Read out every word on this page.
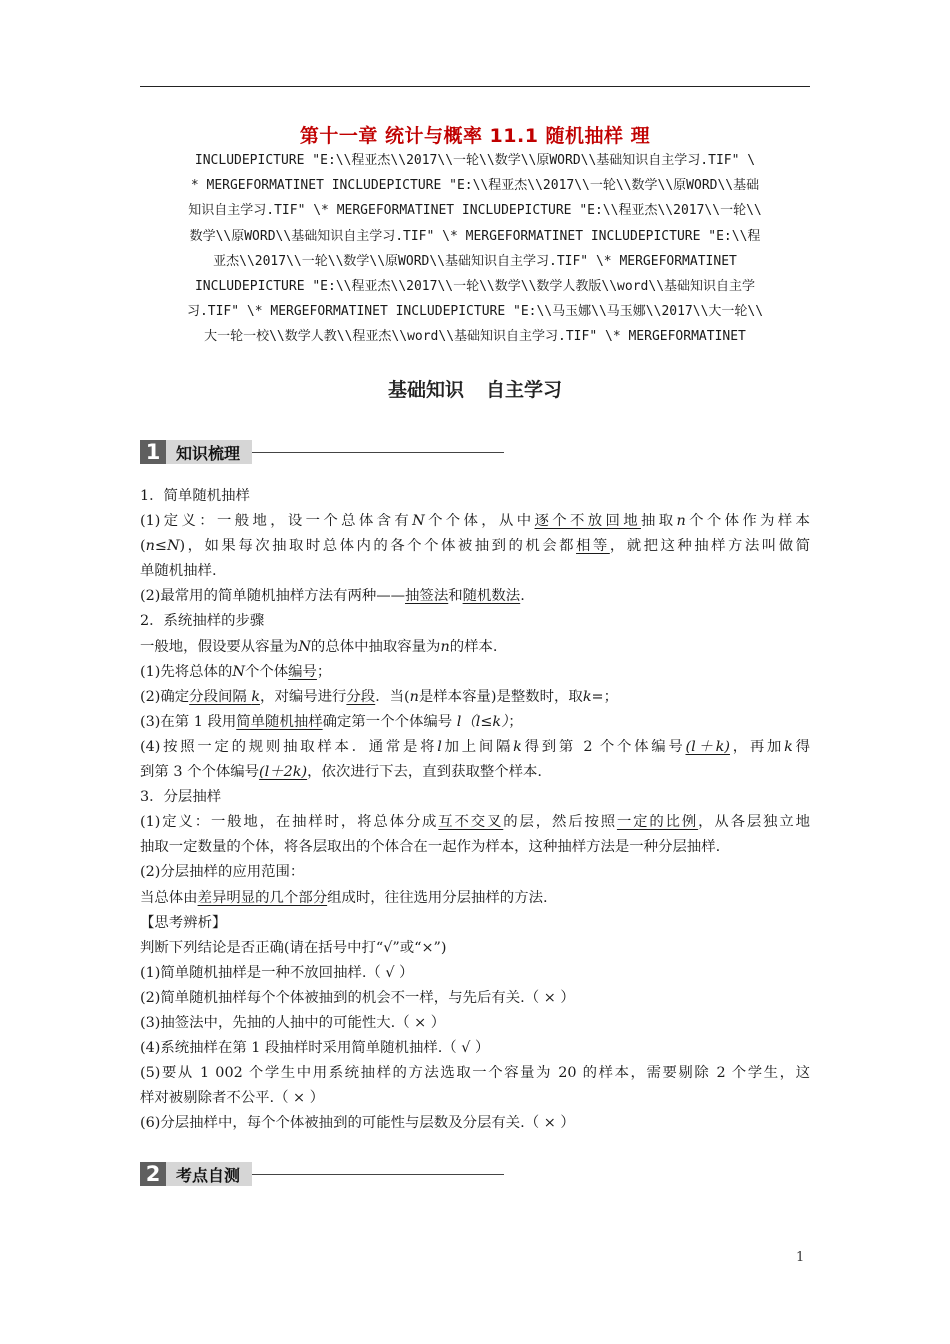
第十一章 统计与概率 11.1 随机抽样 理
INCLUDEPICTURE "E:\\程亚杰\\2017\\一轮\\数学\\原WORD\\基础知识自主学习.TIF" \
* MERGEFORMATINET INCLUDEPICTURE "E:\\程亚杰\\2017\\一轮\\数学\\原WORD\\基础
知识自主学习.TIF" \* MERGEFORMATINET INCLUDEPICTURE "E:\\程亚杰\\2017\\一轮\\
数学\\原WORD\\基础知识自主学习.TIF" \* MERGEFORMATINET INCLUDEPICTURE "E:\\程
亚杰\\2017\\一轮\\数学\\原WORD\\基础知识自主学习.TIF" \* MERGEFORMATINET
INCLUDEPICTURE "E:\\程亚杰\\2017\\一轮\\数学\\数学人教版\\word\\基础知识自主学
习.TIF" \* MERGEFORMATINET INCLUDEPICTURE "E:\\马玉娜\\马玉娜\\2017\\大一轮\\
大一轮一校\\数学人教\\程亚杰\\word\\基础知识自主学习.TIF" \* MERGEFORMATINET
基础知识 自主学习
1 知识梳理
1．简单随机抽样
(1)定义：一般地，设一个总体含有N个个体，从中逐个不放回地抽取n个个体作为样本
(n≤N)，如果每次抽取时总体内的各个个体被抽到的机会都相等，就把这种抽样方法叫做简
单随机抽样.
(2)最常用的简单随机抽样方法有两种——抽签法和随机数法.
2．系统抽样的步骤
一般地，假设要从容量为N的总体中抽取容量为n的样本.
(1)先将总体的N个个体编号；
(2)确定分段间隔 k，对编号进行分段．当(n是样本容量)是整数时，取k=；
(3)在第 1 段用简单随机抽样确定第一个个体编号 l（l≤k）；
(4)按照一定的规则抽取样本．通常是将l加上间隔k得到第 2 个个体编号(l＋k)，再加k得
到第 3 个个体编号(l＋2k)，依次进行下去，直到获取整个样本.
3．分层抽样
(1)定义：一般地，在抽样时，将总体分成互不交叉的层，然后按照一定的比例，从各层独立地
抽取一定数量的个体，将各层取出的个体合在一起作为样本，这种抽样方法是一种分层抽样.
(2)分层抽样的应用范围：
当总体由差异明显的几个部分组成时，往往选用分层抽样的方法.
【思考辨析】
判断下列结论是否正确(请在括号中打“√”或“×”)
(1)简单随机抽样是一种不放回抽样.（ √ ）
(2)简单随机抽样每个个体被抽到的机会不一样，与先后有关.（ × ）
(3)抽签法中，先抽的人抽中的可能性大.（ × ）
(4)系统抽样在第 1 段抽样时采用简单随机抽样.（ √ ）
(5)要从 1 002 个学生中用系统抽样的方法选取一个容量为 20 的样本，需要剔除 2 个学生，这
样对被剔除者不公平.（ × ）
(6)分层抽样中，每个个体被抽到的可能性与层数及分层有关.（ × ）
2 考点自测
1
